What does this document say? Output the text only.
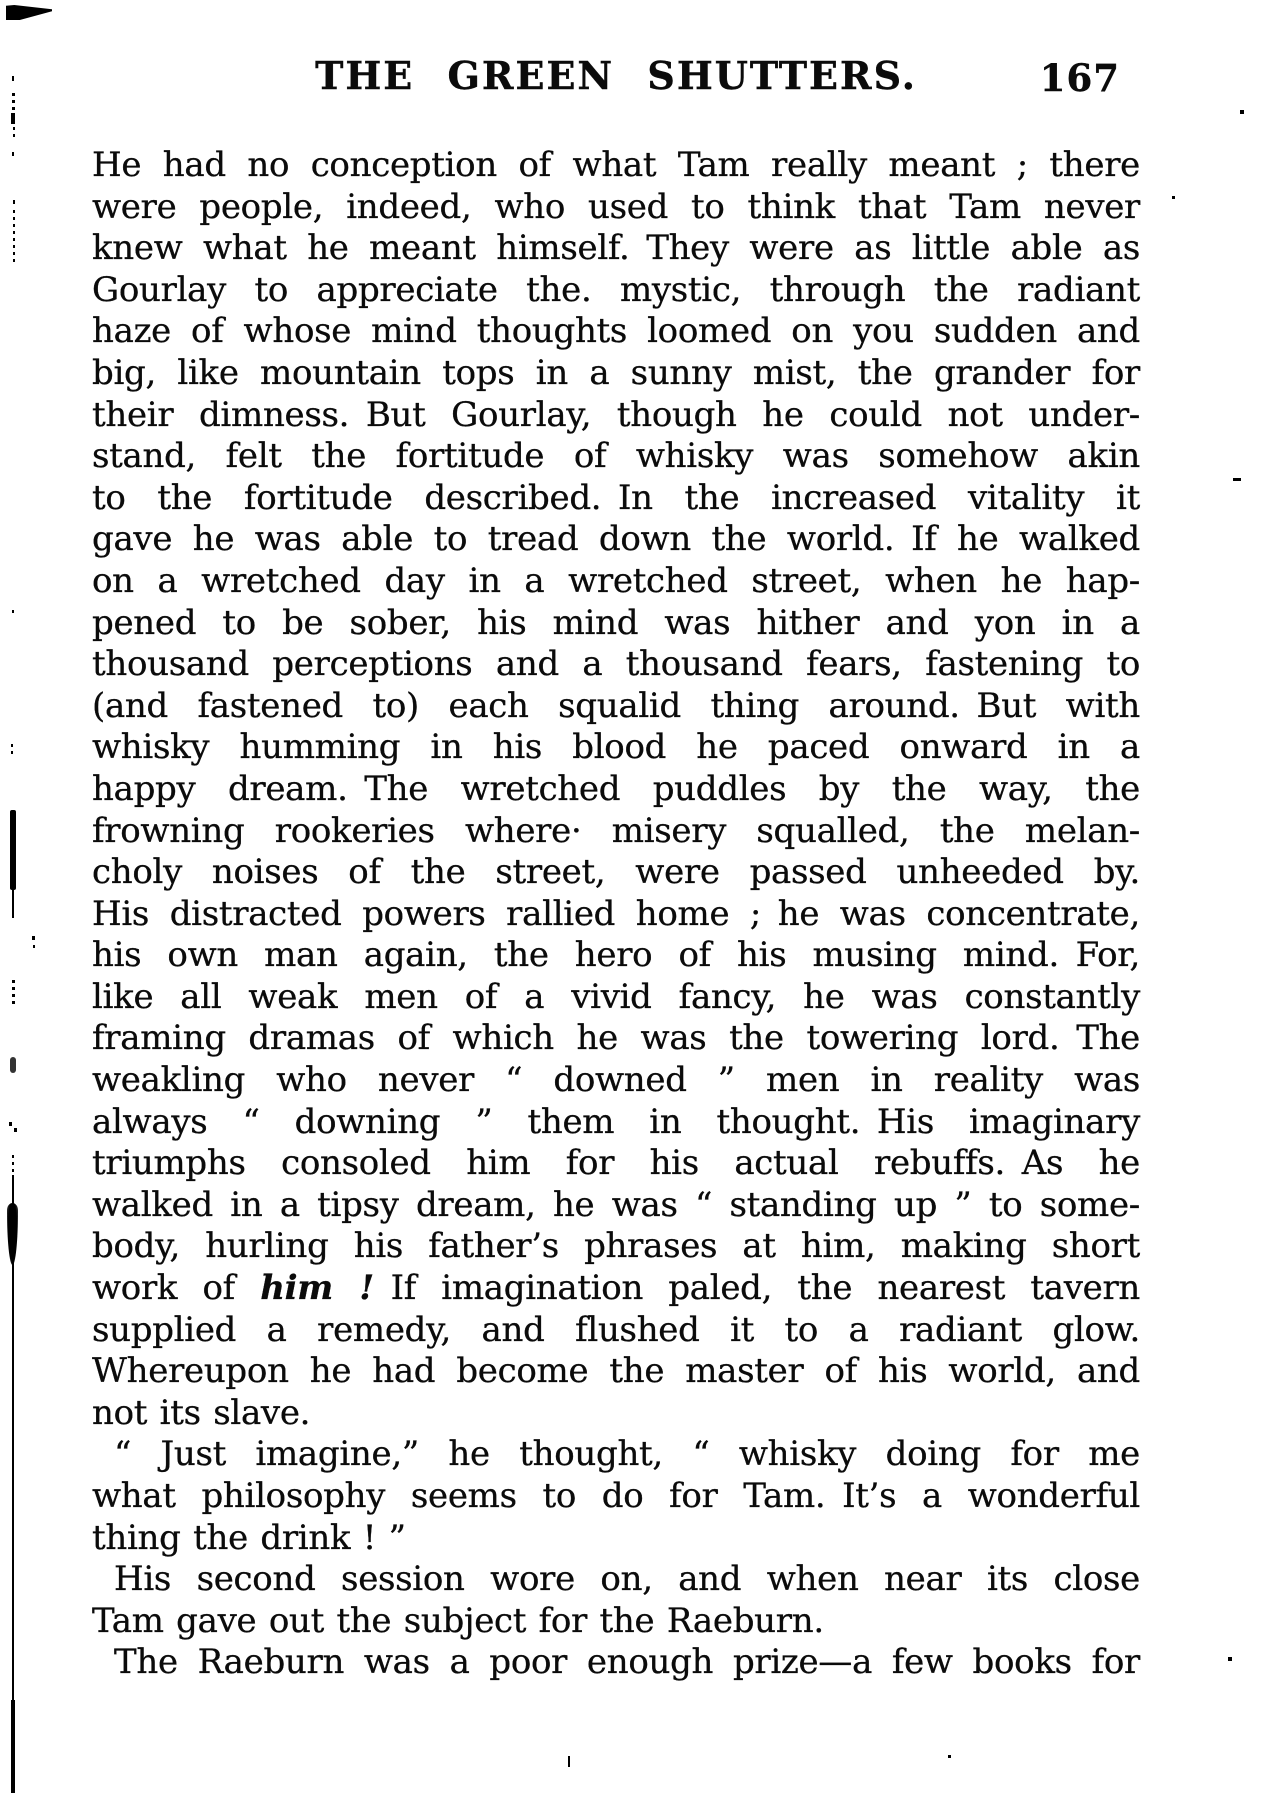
THE GREEN SHUTTERS.	167
He had no conception of what Tam really meant ; there
were people, indeed, who used to think that Tam never
knew what he meant himself. They were as little able as
Gourlay to appreciate the. mystic, through the radiant
haze of whose mind thoughts loomed on you sudden and
big, like mountain tops in a sunny mist, the grander for
their dimness. But Gourlay, though he could not under-
stand, felt the fortitude of whisky was somehow akin
to the fortitude described. In the increased vitality it
gave he was able to tread down the world. If he walked
on a wretched day in a wretched street, when he hap-
pened to be sober, his mind was hither and yon in a
thousand perceptions and a thousand fears, fastening to
(and fastened to) each squalid thing around. But with
whisky humming in his blood he paced onward in a
happy dream. The wretched puddles by the way, the
frowning rookeries where· misery squalled, the melan-
choly noises of the street, were passed unheeded by.
His distracted powers rallied home ; he was concentrate,
his own man again, the hero of his musing mind. For,
like all weak men of a vivid fancy, he was constantly
framing dramas of which he was the towering lord. The
weakling who never “ downed ” men in reality was
always “ downing ” them in thought. His imaginary
triumphs consoled him for his actual rebuffs. As he
walked in a tipsy dream, he was “ standing up ” to some-
body, hurling his father’s phrases at him, making short
work of him ! If imagination paled, the nearest tavern
supplied a remedy, and flushed it to a radiant glow.
Whereupon he had become the master of his world, and
not its slave.
“ Just imagine,” he thought, “ whisky doing for me
what philosophy seems to do for Tam. It’s a wonderful
thing the drink ! ”
His second session wore on, and when near its close
Tam gave out the subject for the Raeburn.
The Raeburn was a poor enough prize—a few books for
